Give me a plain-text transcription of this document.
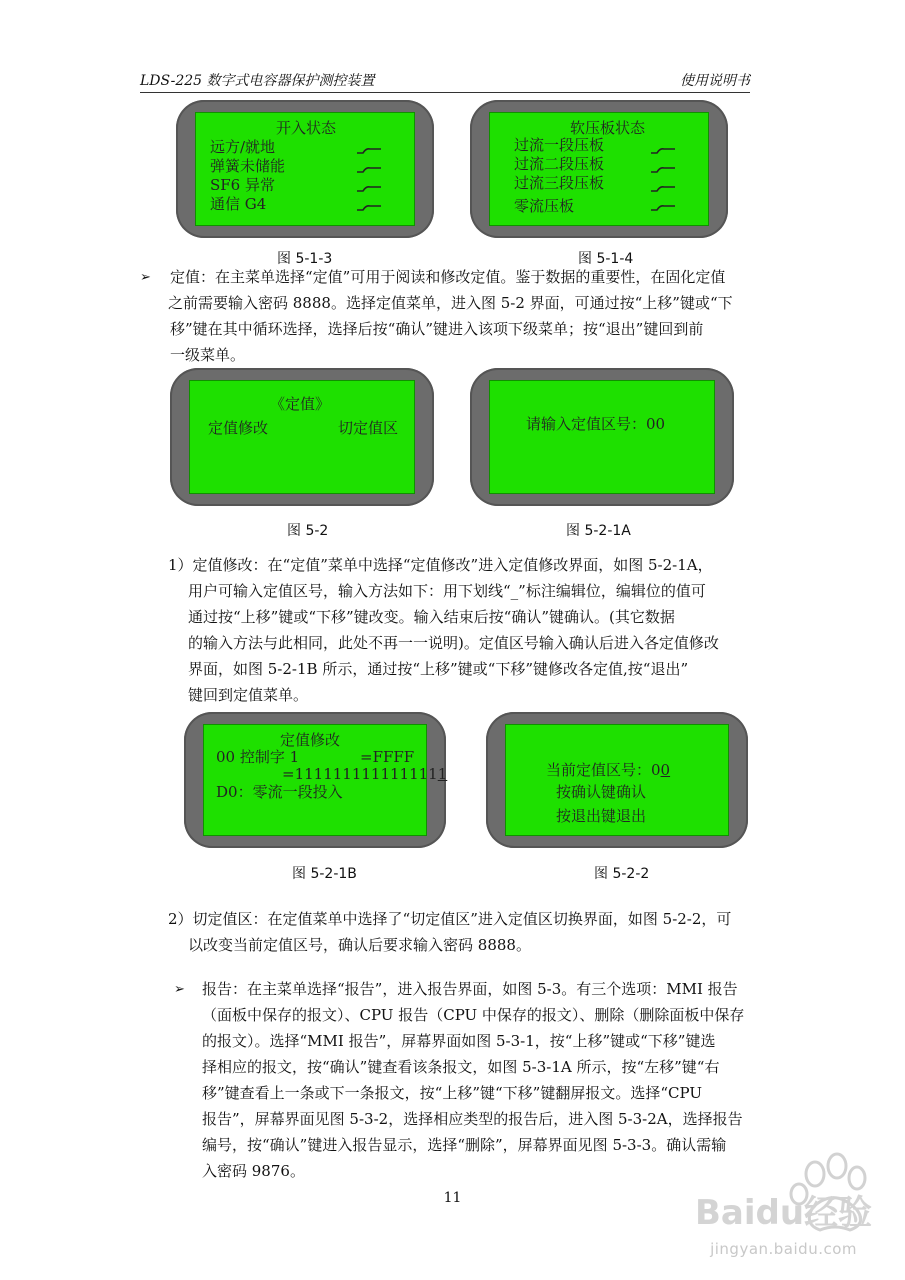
LDS-225 数字式电容器保护测控装置	使用说明书
开入状态
远方/就地
弹簧未储能
SF6 异常
通信 G4
图 5-1-3
软压板状态
过流一段压板
过流二段压板
过流三段压板
零流压板
图 5-1-4
➢ 定值：在主菜单选择“定值”可用于阅读和修改定值。鉴于数据的重要性，在固化定值

之前需要输入密码 8888。选择定值菜单，进入图 5-2 界面，可通过按“上移”键或“下

移”键在其中循环选择，选择后按“确认”键进入该项下级菜单；按“退出”键回到前

一级菜单。

《定值》
定值修改	切定值区
图 5-2
请输入定值区号：00
图 5-2-1A

1）定值修改：在“定值”菜单中选择“定值修改”进入定值修改界面，如图 5-2-1A，

用户可输入定值区号，输入方法如下：用下划线“_”标注编辑位，编辑位的值可

通过按“上移”键或“下移”键改变。输入结束后按“确认”键确认。(其它数据

的输入方法与此相同，此处不再一一说明)。定值区号输入确认后进入各定值修改

界面，如图 5-2-1B 所示，通过按“上移”键或“下移”键修改各定值,按“退出”

键回到定值菜单。

定值修改
00 控制字 1	=FFFF
=1111111111111111
D0：零流一段投入
图 5-2-1B
当前定值区号：00
按确认键确认
按退出键退出
图 5-2-2

2）切定值区：在定值菜单中选择了“切定值区”进入定值区切换界面，如图 5-2-2，可

以改变当前定值区号，确认后要求输入密码 8888。

➢ 报告：在主菜单选择“报告”，进入报告界面，如图 5-3。有三个选项：MMI 报告

（面板中保存的报文）、CPU 报告（CPU 中保存的报文）、删除（删除面板中保存

的报文）。选择“MMI 报告”，屏幕界面如图 5-3-1，按“上移”键或“下移”键选

择相应的报文，按“确认”键查看该条报文，如图 5-3-1A 所示，按“左移”键“右

移”键查看上一条或下一条报文，按“上移”键“下移”键翻屏报文。选择“CPU

报告”，屏幕界面见图 5-3-2，选择相应类型的报告后，进入图 5-3-2A，选择报告

编号，按“确认”键进入报告显示，选择“删除”，屏幕界面见图 5-3-3。确认需输

入密码 9876。

11	Baidu经验
jingyan.baidu.com
